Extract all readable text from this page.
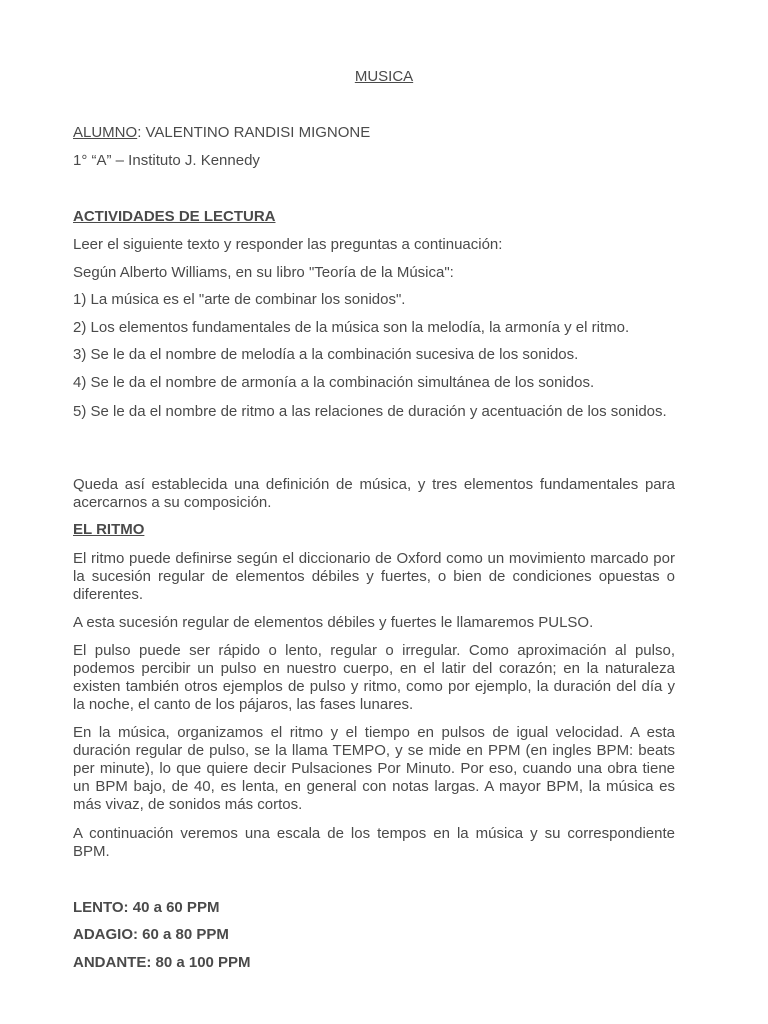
MUSICA
ALUMNO: VALENTINO RANDISI MIGNONE
1° “A” – Instituto J. Kennedy
ACTIVIDADES DE LECTURA
Leer el siguiente texto y responder las preguntas a continuación:
Según Alberto Williams, en su libro "Teoría de la Música":
1) La música es el "arte de combinar los sonidos".
2) Los elementos fundamentales de la música son la melodía, la armonía y el ritmo.
3) Se le da el nombre de melodía a la combinación sucesiva de los sonidos.
4) Se le da el nombre de armonía a la combinación simultánea de los sonidos.
5) Se le da el nombre de ritmo a las relaciones de duración y acentuación de los sonidos.
Queda así establecida una definición de música, y tres elementos fundamentales para acercarnos a su composición.
EL RITMO
El ritmo puede definirse según el diccionario de Oxford como un movimiento marcado por la sucesión regular de elementos débiles y fuertes, o bien de condiciones opuestas o diferentes.
A esta sucesión regular de elementos débiles y fuertes le llamaremos PULSO.
El pulso puede ser rápido o lento, regular o irregular. Como aproximación al pulso, podemos percibir un pulso en nuestro cuerpo, en el latir del corazón; en la naturaleza existen también otros ejemplos de pulso y ritmo, como por ejemplo, la duración del día y la noche, el canto de los pájaros, las fases lunares.
En la música, organizamos el ritmo y el tiempo en pulsos de igual velocidad. A esta duración regular de pulso, se la llama TEMPO, y se mide en PPM (en ingles BPM: beats per minute), lo que quiere decir Pulsaciones Por Minuto. Por eso, cuando una obra tiene un BPM bajo, de 40, es lenta, en general con notas largas. A mayor BPM, la música es más vivaz, de sonidos más cortos.
A continuación veremos una escala de los tempos en la música y su correspondiente BPM.
LENTO: 40 a 60 PPM
ADAGIO: 60 a 80 PPM
ANDANTE: 80 a 100 PPM
